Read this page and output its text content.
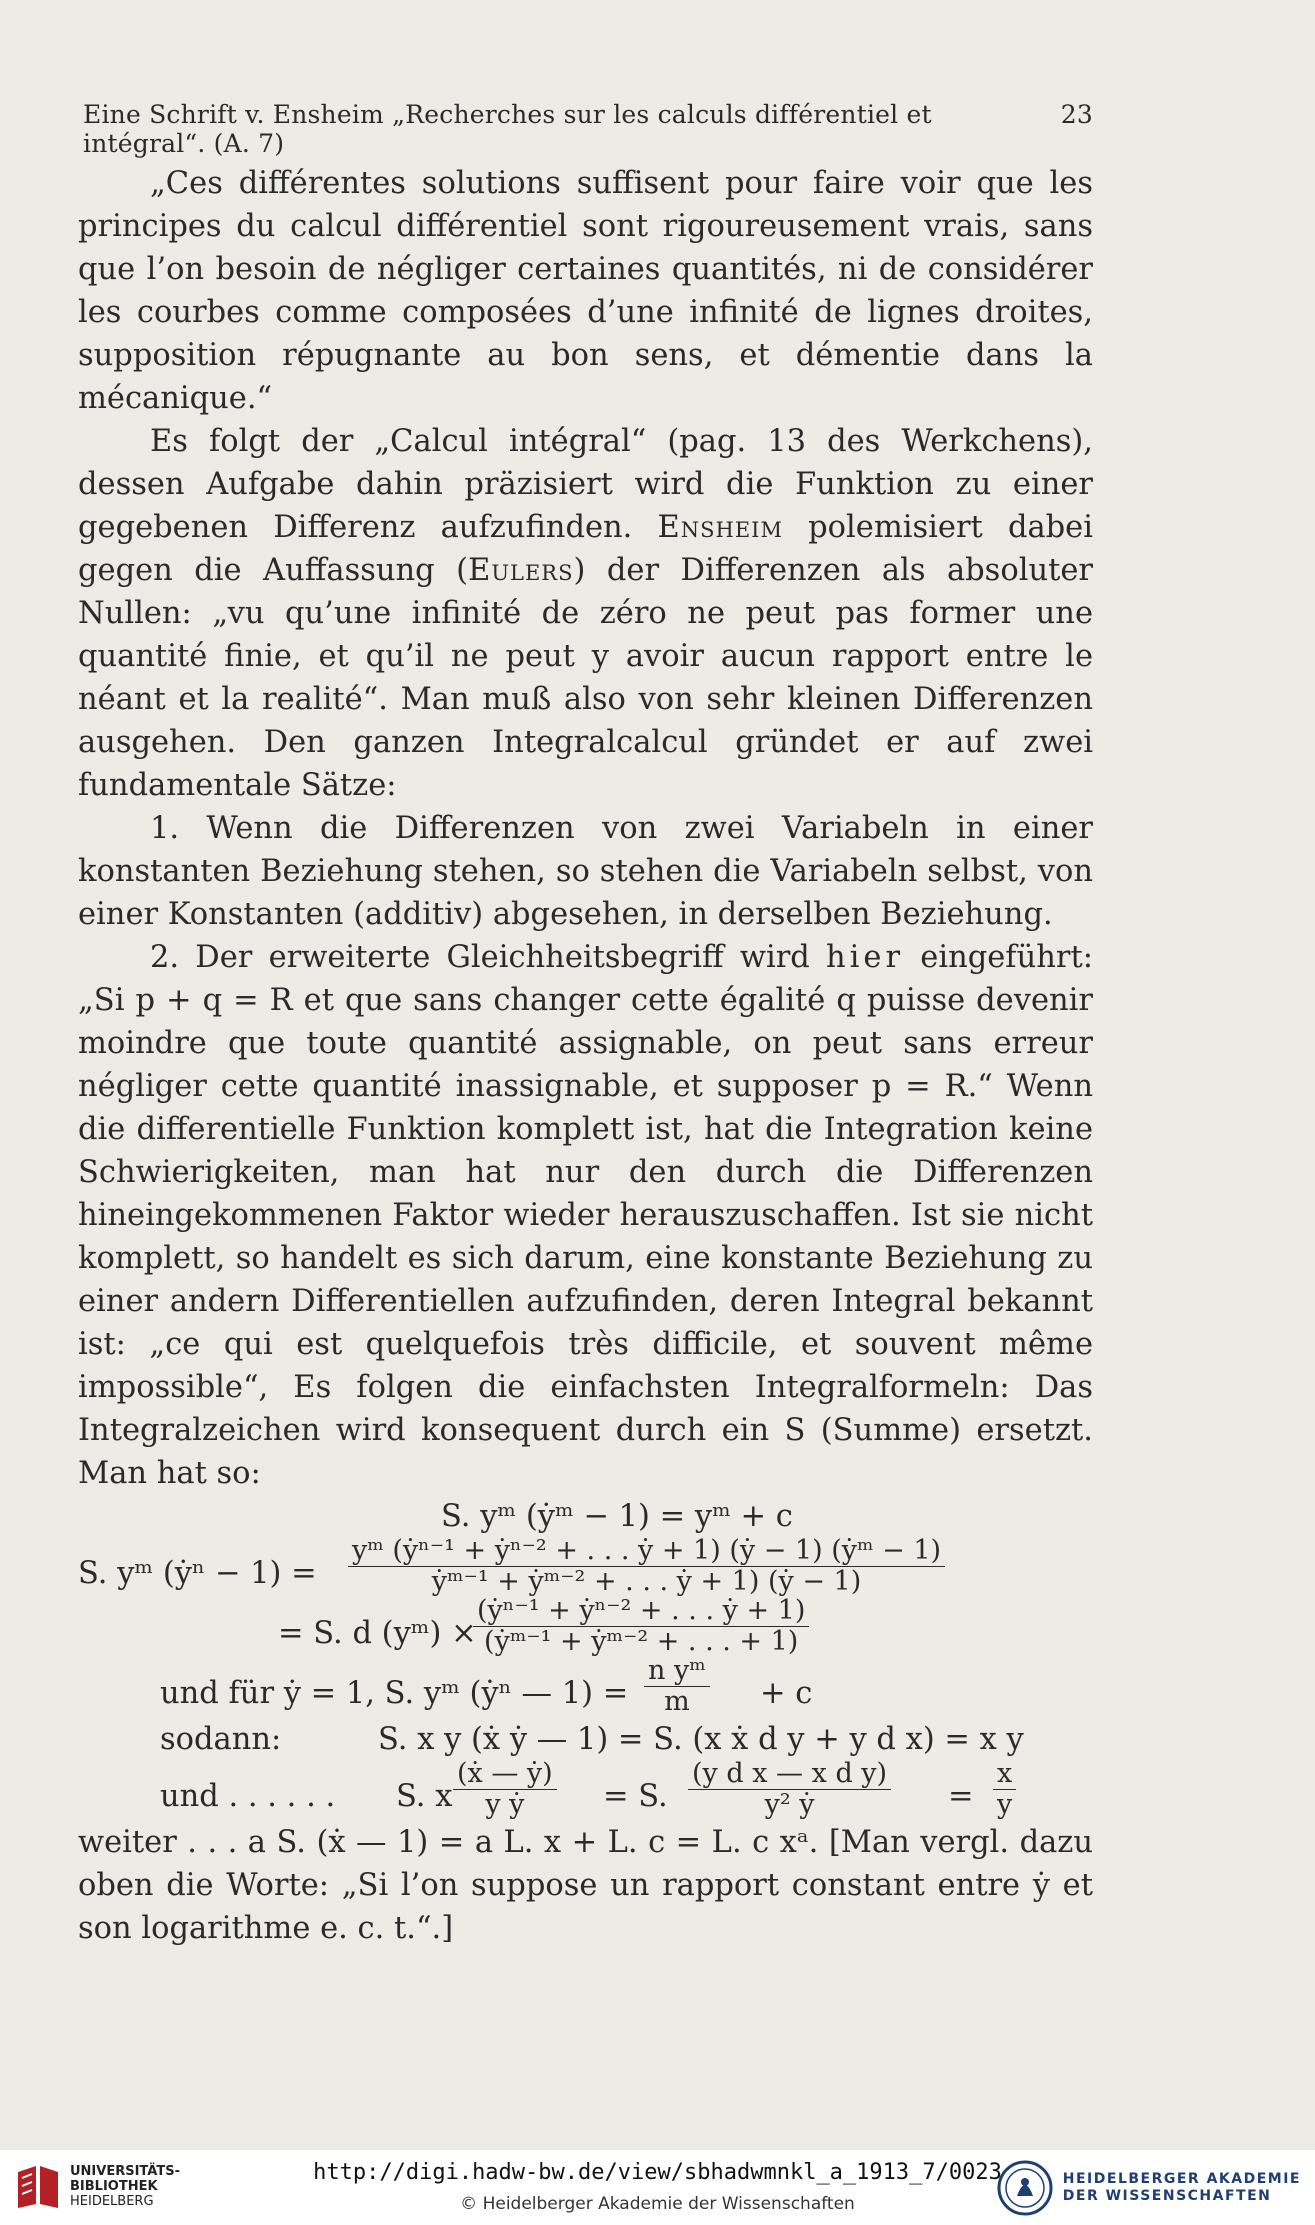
Eine Schrift v. Ensheim „Recherches sur les calculs différentiel et intégral“. (A. 7)
23

„Ces différentes solutions suffisent pour faire voir que les principes du calcul différentiel sont rigoureusement vrais, sans que l’on besoin de négliger certaines quantités, ni de considérer les courbes comme composées d’une infinité de lignes droites, supposition répugnante au bon sens, et démentie dans la mécanique.“

Es folgt der „Calcul intégral“ (pag. 13 des Werkchens), dessen Aufgabe dahin präzisiert wird die Funktion zu einer gegebenen Differenz aufzufinden. Ensheim polemisiert dabei gegen die Auffassung (Eulers) der Differenzen als absoluter Nullen: „vu qu’une infinité de zéro ne peut pas former une quantité finie, et qu’il ne peut y avoir aucun rapport entre le néant et la realité“. Man muß also von sehr kleinen Differenzen ausgehen. Den ganzen Integralcalcul gründet er auf zwei fundamentale Sätze:

1. Wenn die Differenzen von zwei Variabeln in einer konstanten Beziehung stehen, so stehen die Variabeln selbst, von einer Konstanten (additiv) abgesehen, in derselben Beziehung.

2. Der erweiterte Gleichheitsbegriff wird hier eingeführt: „Si p + q = R et que sans changer cette égalité q puisse devenir moindre que toute quantité assignable, on peut sans erreur négliger cette quantité inassignable, et supposer p = R.“ Wenn die differentielle Funktion komplett ist, hat die Integration keine Schwierigkeiten, man hat nur den durch die Differenzen hineingekommenen Faktor wieder herauszuschaffen. Ist sie nicht komplett, so handelt es sich darum, eine konstante Beziehung zu einer andern Differentiellen aufzufinden, deren Integral bekannt ist: „ce qui est quelquefois très difficile, et souvent même impossible“, Es folgen die einfachsten Integralformeln: Das Integralzeichen wird konsequent durch ein S (Summe) ersetzt. Man hat so:

S. yᵐ (ẏᵐ − 1) = yᵐ + c
S. yᵐ (ẏⁿ − $1) = \frac{\text{yᵐ (ẏⁿ⁻¹ + ẏⁿ⁻² + . . . ẏ + 1) (ẏ − 1) (ẏᵐ − 1)}}{\text{ẏᵐ⁻¹ + ẏᵐ⁻² + . . . ẏ + 1) (ẏ − 1)}}$
= S. d (yᵐ) ×
$\frac{\text{(ẏⁿ⁻¹ + ẏⁿ⁻² + . . . ẏ + 1)}}{\text{(ẏᵐ⁻¹ + ẏᵐ⁻² + . . . + 1)}}$
und für ẏ = 1, S. yᵐ (ẏⁿ — $1) = \frac{\text{n yᵐ}}{m} + c$
sodann:	S. x y (ẋ ẏ — 1) = S. (x ẋ d y + y d x) = x y
und . . . . . . S. x $\frac{\text{(ẋ — ẏ)}}{\text{y ẏ}} = S$. $\frac{\text{(y d x — x d y)}}{\text{y² ẏ}} = \frac{x}{y}$

weiter . . . a S. (ẋ — 1) = a L. x + L. c = L. c xᵃ. [Man vergl. dazu oben die Worte: „Si l’on suppose un rapport constant entre ẏ et son logarithme e. c. t.“.]

UNIVERSITÄTS-
BIBLIOTHEK
HEIDELBERG
http://digi.hadw-bw.de/view/sbhadwmnkl_a_1913_7/0023
© Heidelberger Akademie der Wissenschaften
HEIDELBERGER AKADEMIE
DER WISSENSCHAFTEN
